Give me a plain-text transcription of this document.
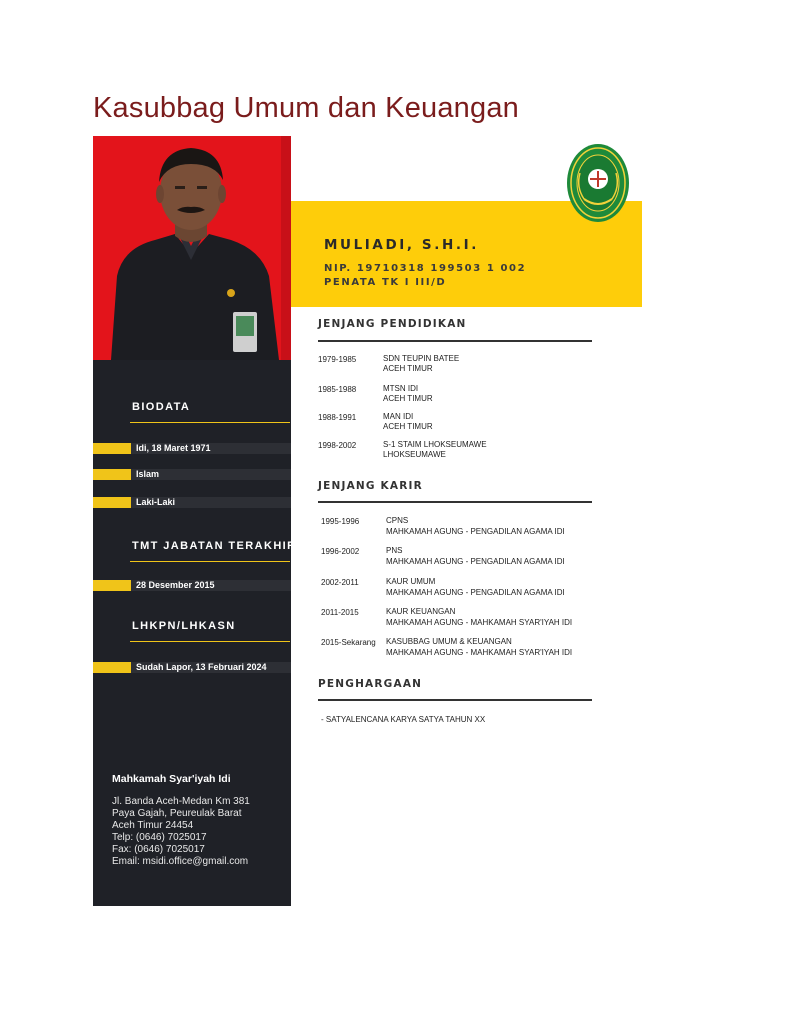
Kasubbag Umum dan Keuangan
BIODATA
Idi, 18 Maret 1971
Islam
Laki-Laki
TMT JABATAN TERAKHIR
28 Desember 2015
LHKPN/LHKASN
Sudah Lapor, 13 Februari 2024
Mahkamah Syar'iyah Idi
Jl. Banda Aceh-Medan Km 381
Paya Gajah, Peureulak Barat
Aceh Timur 24454
Telp: (0646) 7025017
Fax: (0646) 7025017
Email: msidi.office@gmail.com
MULIADI, S.H.I.
NIP. 19710318 199503 1 002
PENATA TK I III/D
JENJANG PENDIDIKAN
1979-1985	SDN TEUPIN BATEE
ACEH TIMUR
1985-1988	MTSN IDI
ACEH TIMUR
1988-1991	MAN IDI
ACEH TIMUR
1998-2002	S-1 STAIM LHOKSEUMAWE
LHOKSEUMAWE
JENJANG KARIR
1995-1996	CPNS
MAHKAMAH AGUNG - PENGADILAN AGAMA IDI
1996-2002	PNS
MAHKAMAH AGUNG - PENGADILAN AGAMA IDI
2002-2011	KAUR UMUM
MAHKAMAH AGUNG - PENGADILAN AGAMA IDI
2011-2015	KAUR KEUANGAN
MAHKAMAH AGUNG - MAHKAMAH SYAR'IYAH IDI
2015-Sekarang KASUBBAG UMUM & KEUANGAN
MAHKAMAH AGUNG - MAHKAMAH SYAR'IYAH IDI
PENGHARGAAN
- SATYALENCANA KARYA SATYA TAHUN XX
